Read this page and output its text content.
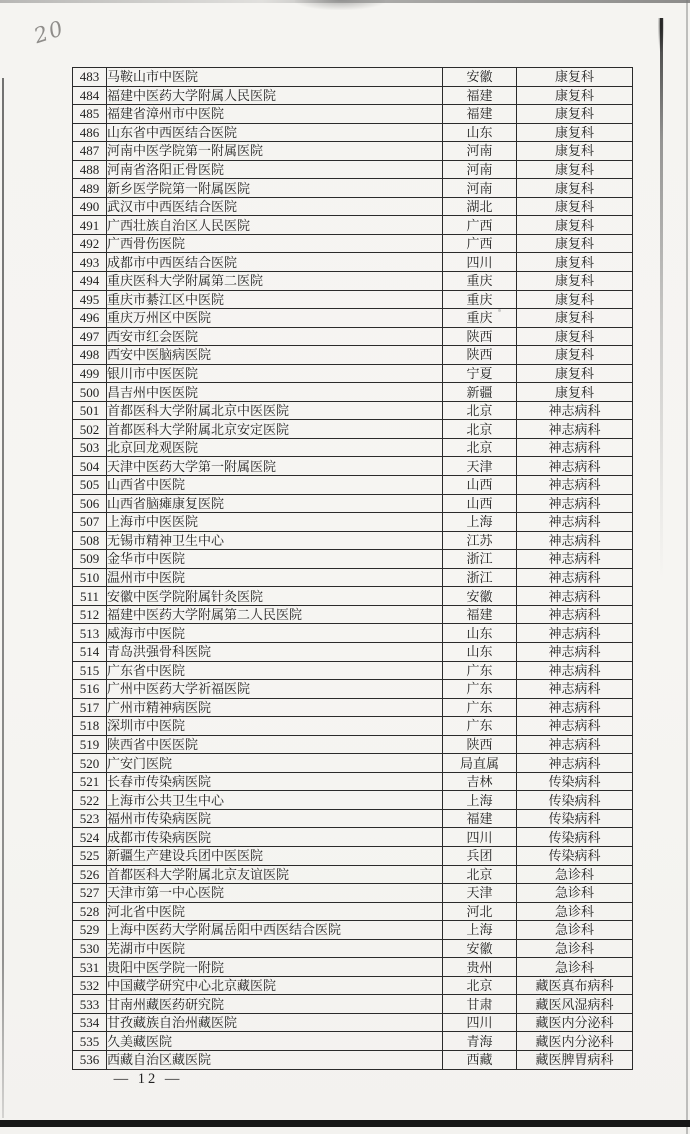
20
483	马鞍山市中医院	安徽	康复科
484	福建中医药大学附属人民医院	福建	康复科
485	福建省漳州市中医院	福建	康复科
486	山东省中西医结合医院	山东	康复科
487	河南中医学院第一附属医院	河南	康复科
488	河南省洛阳正骨医院	河南	康复科
489	新乡医学院第一附属医院	河南	康复科
490	武汉市中西医结合医院	湖北	康复科
491	广西壮族自治区人民医院	广西	康复科
492	广西骨伤医院	广西	康复科
493	成都市中西医结合医院	四川	康复科
494	重庆医科大学附属第二医院	重庆	康复科
495	重庆市綦江区中医院	重庆	康复科
496	重庆万州区中医院	重庆	康复科
497	西安市红会医院	陕西	康复科
498	西安中医脑病医院	陕西	康复科
499	银川市中医医院	宁夏	康复科
500	昌吉州中医医院	新疆	康复科
501	首都医科大学附属北京中医医院	北京	神志病科
502	首都医科大学附属北京安定医院	北京	神志病科
503	北京回龙观医院	北京	神志病科
504	天津中医药大学第一附属医院	天津	神志病科
505	山西省中医院	山西	神志病科
506	山西省脑瘫康复医院	山西	神志病科
507	上海市中医医院	上海	神志病科
508	无锡市精神卫生中心	江苏	神志病科
509	金华市中医院	浙江	神志病科
510	温州市中医院	浙江	神志病科
511	安徽中医学院附属针灸医院	安徽	神志病科
512	福建中医药大学附属第二人民医院	福建	神志病科
513	威海市中医院	山东	神志病科
514	青岛洪强骨科医院	山东	神志病科
515	广东省中医院	广东	神志病科
516	广州中医药大学祈福医院	广东	神志病科
517	广州市精神病医院	广东	神志病科
518	深圳市中医院	广东	神志病科
519	陕西省中医医院	陕西	神志病科
520	广安门医院	局直属	神志病科
521	长春市传染病医院	吉林	传染病科
522	上海市公共卫生中心	上海	传染病科
523	福州市传染病医院	福建	传染病科
524	成都市传染病医院	四川	传染病科
525	新疆生产建设兵团中医医院	兵团	传染病科
526	首都医科大学附属北京友谊医院	北京	急诊科
527	天津市第一中心医院	天津	急诊科
528	河北省中医院	河北	急诊科
529	上海中医药大学附属岳阳中西医结合医院	上海	急诊科
530	芜湖市中医院	安徽	急诊科
531	贵阳中医学院一附院	贵州	急诊科
532	中国藏学研究中心北京藏医院	北京	藏医真布病科
533	甘南州藏医药研究院	甘肃	藏医风湿病科
534	甘孜藏族自治州藏医院	四川	藏医内分泌科
535	久美藏医院	青海	藏医内分泌科
536	西藏自治区藏医院	西藏	藏医脾胃病科
— 12 —
